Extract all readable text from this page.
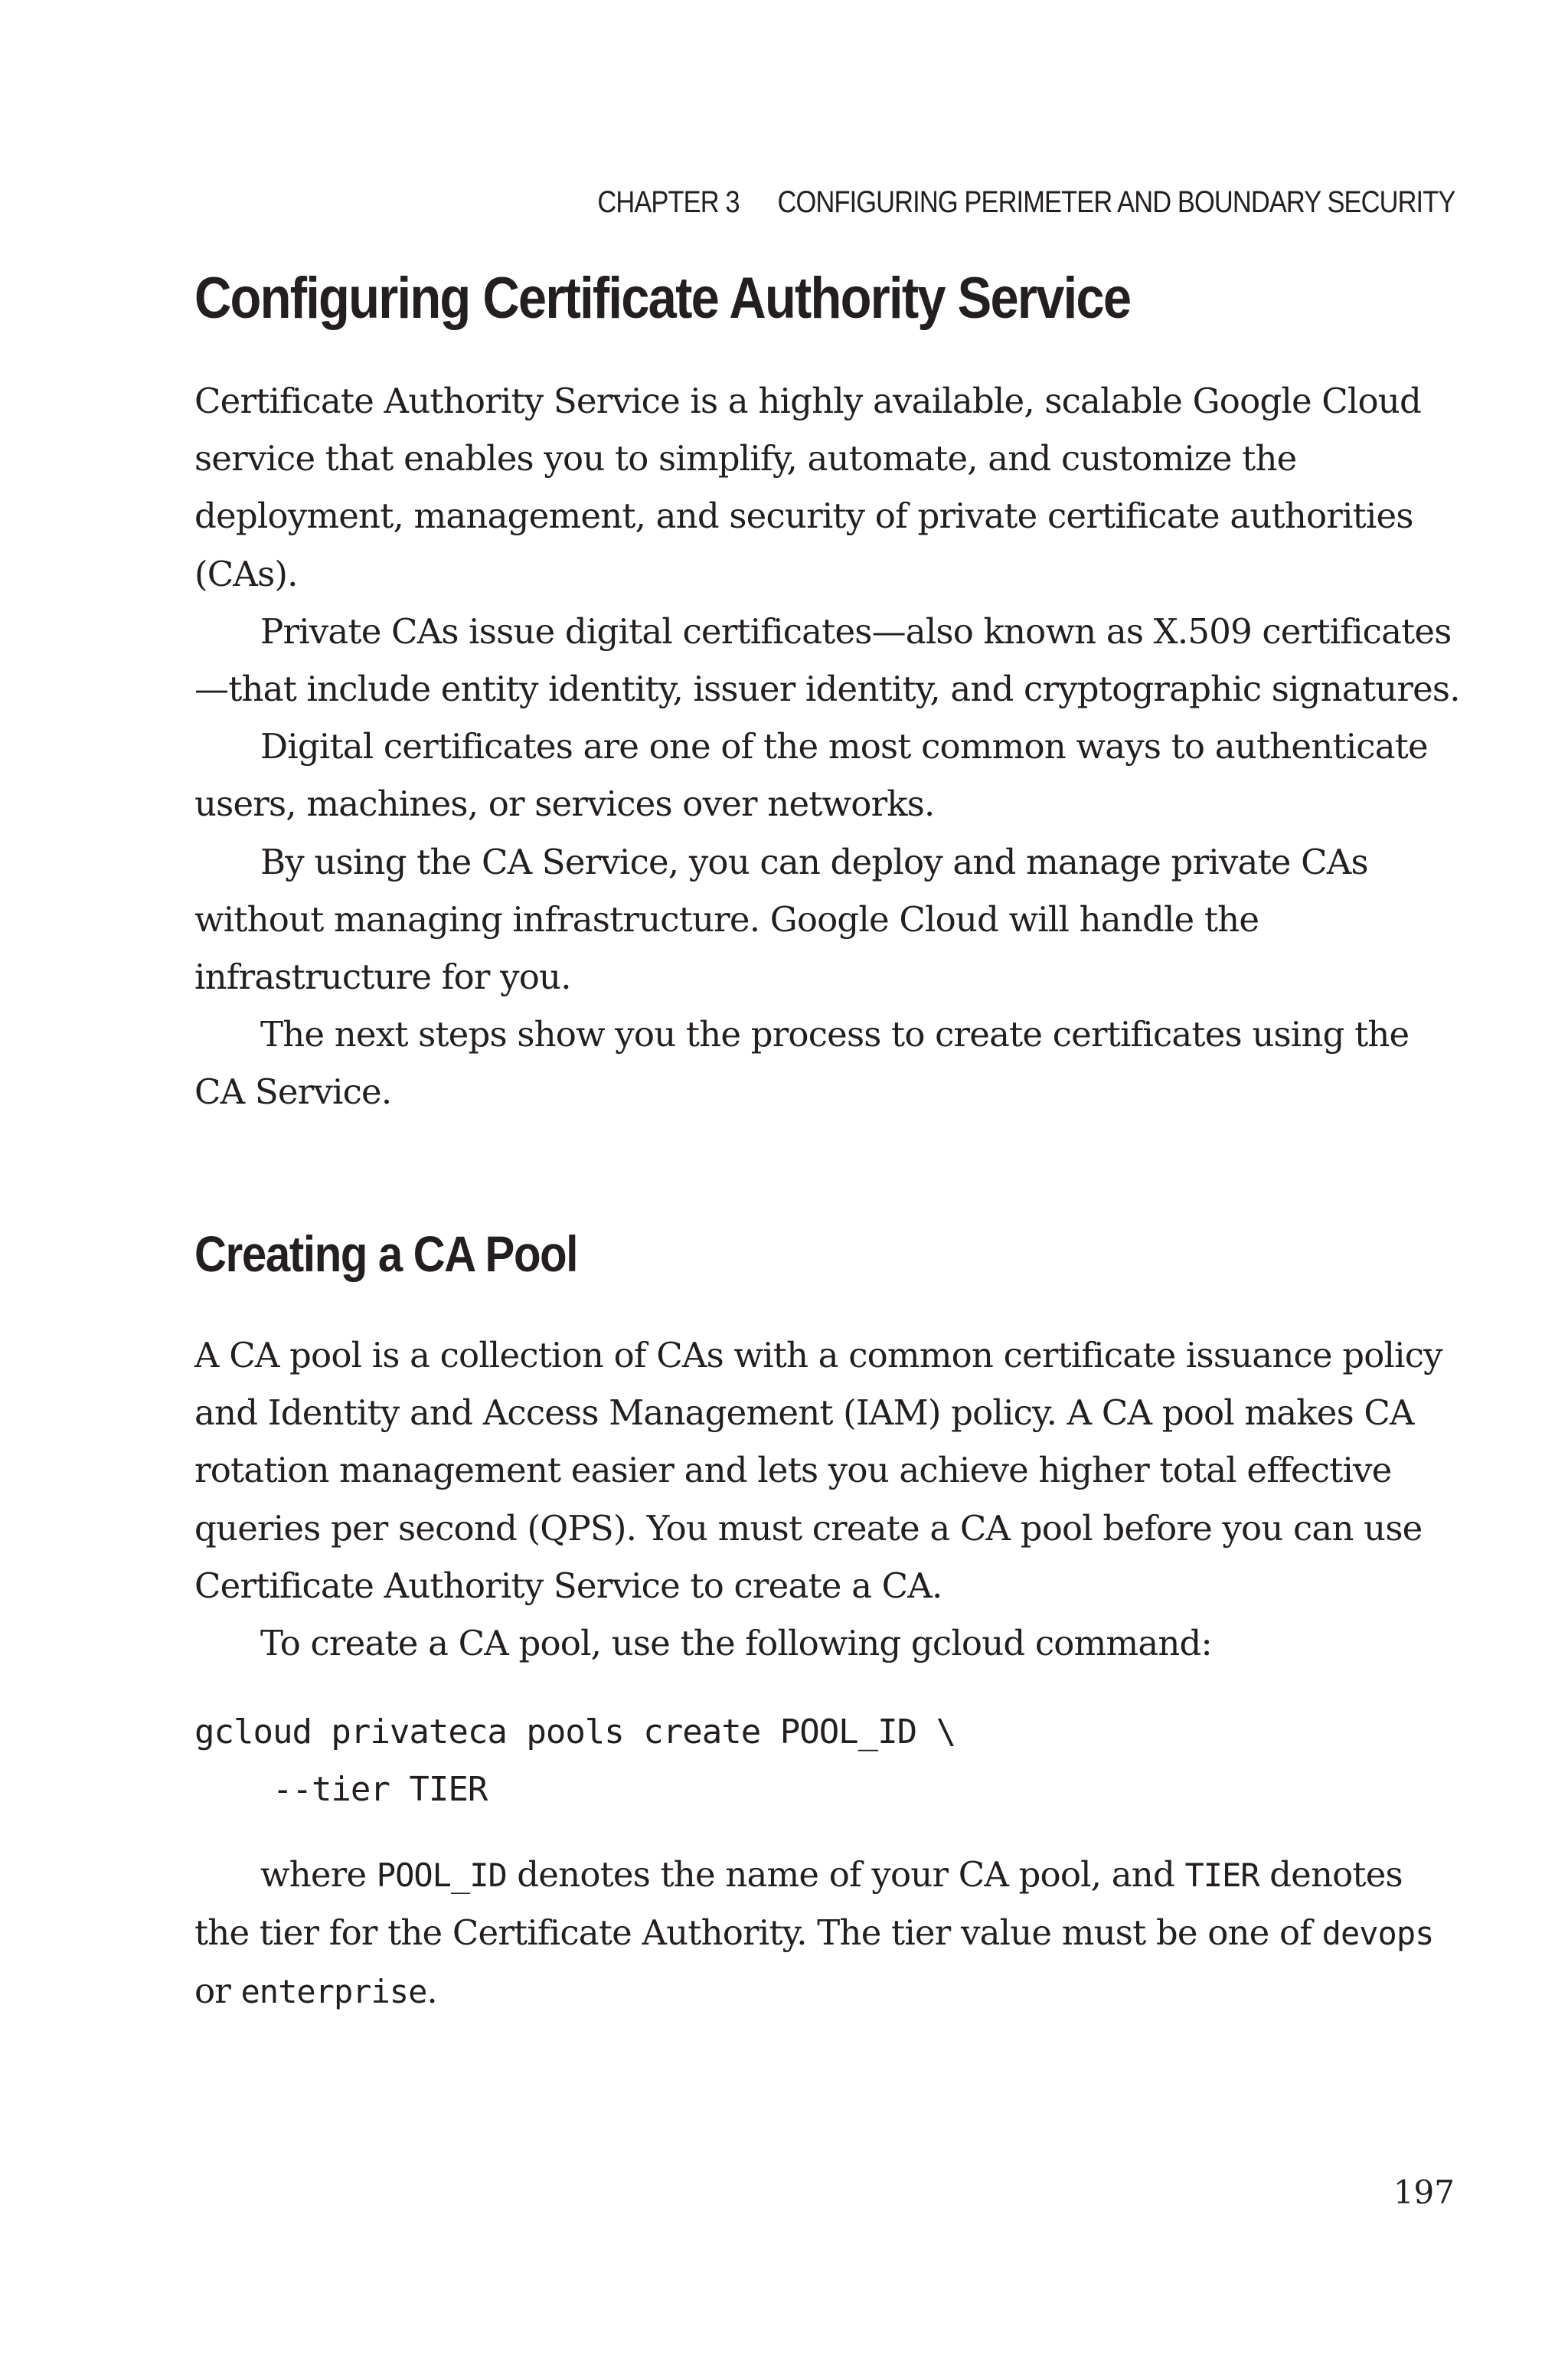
CHAPTER 3 CONFIGURING PERIMETER AND BOUNDARY SECURITY
Configuring Certificate Authority Service

Certificate Authority Service is a highly available, scalable Google Cloud service that enables you to simplify, automate, and customize the deployment, management, and security of private certificate authorities (CAs).

Private CAs issue digital certificates—also known as X.509 certificates—that include entity identity, issuer identity, and cryptographic signatures.

Digital certificates are one of the most common ways to authenticate users, machines, or services over networks.

By using the CA Service, you can deploy and manage private CAs without managing infrastructure. Google Cloud will handle the infrastructure for you.

The next steps show you the process to create certificates using the CA Service.

Creating a CA Pool

A CA pool is a collection of CAs with a common certificate issuance policy and Identity and Access Management (IAM) policy. A CA pool makes CA rotation management easier and lets you achieve higher total effective queries per second (QPS). You must create a CA pool before you can use Certificate Authority Service to create a CA.

To create a CA pool, use the following gcloud command:

gcloud privateca pools create POOL_ID \
--tier TIER

where POOL_ID denotes the name of your CA pool, and TIER denotes the tier for the Certificate Authority. The tier value must be one of devops or enterprise.

197
